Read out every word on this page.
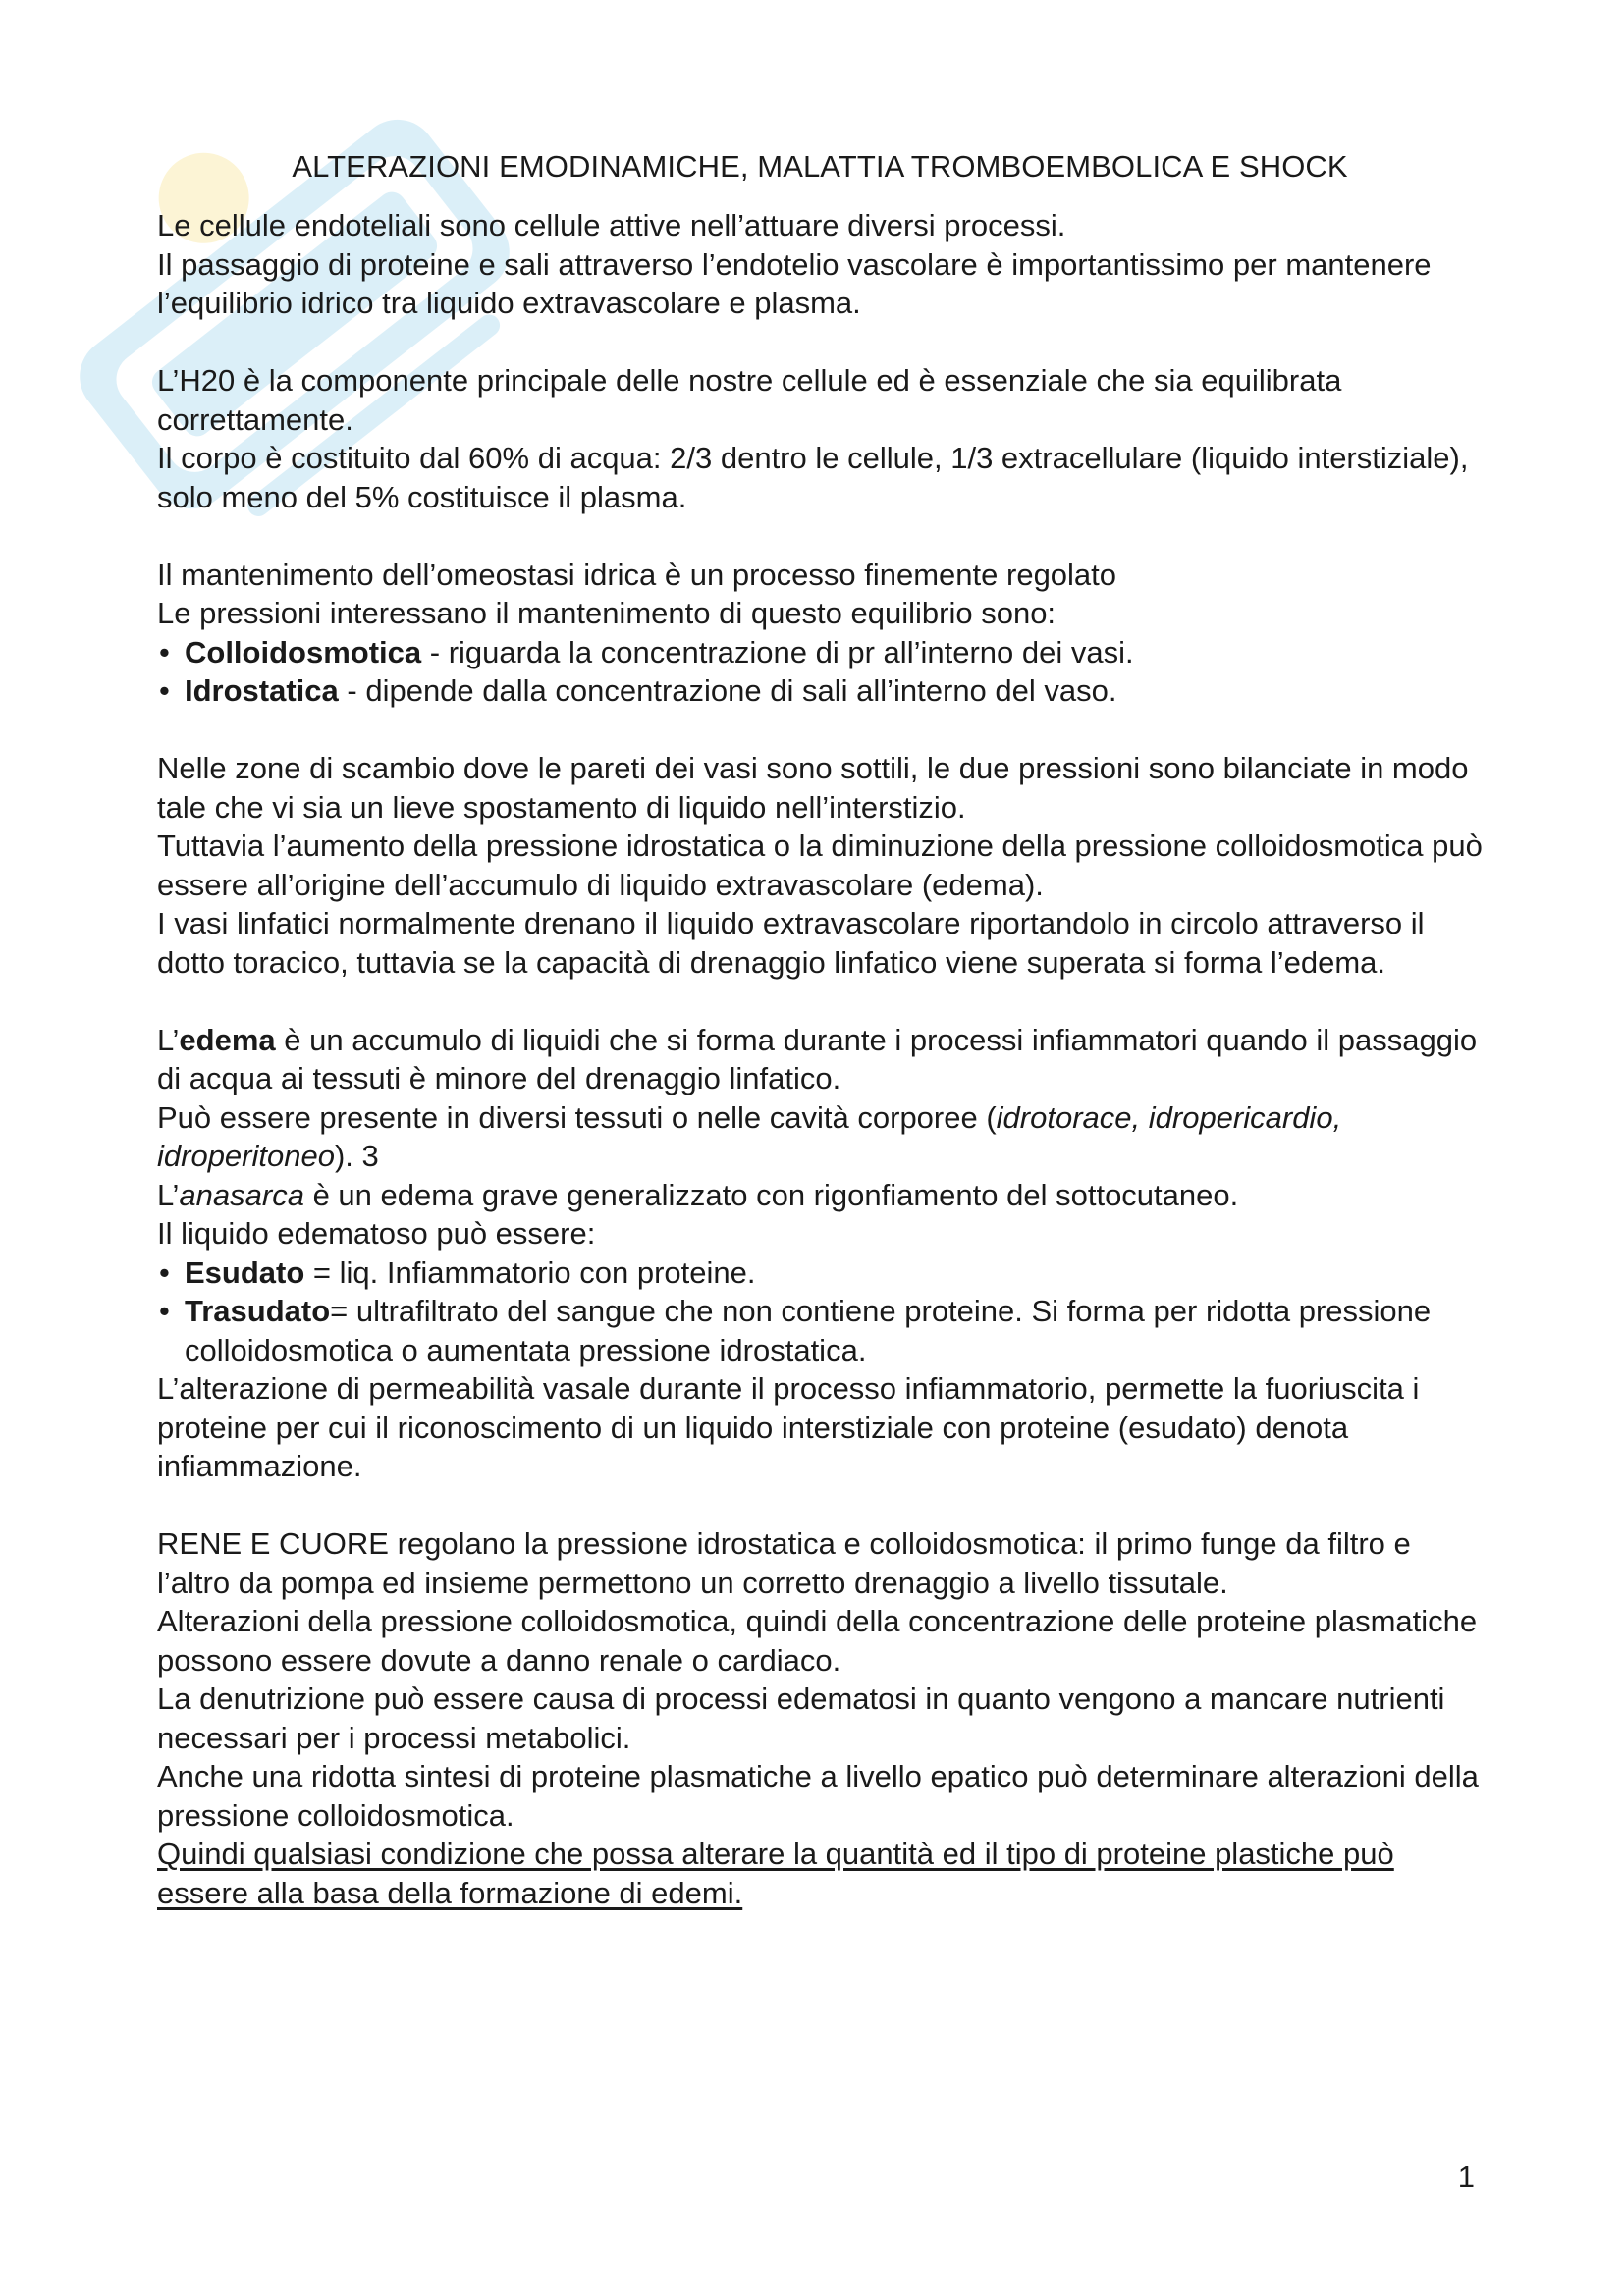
ALTERAZIONI EMODINAMICHE, MALATTIA TROMBOEMBOLICA E SHOCK

Le cellule endoteliali sono cellule attive nell’attuare diversi processi.

Il passaggio di proteine e sali attraverso l’endotelio vascolare è importantissimo per mantenere l’equilibrio idrico tra liquido extravascolare e plasma.

L’H20 è la componente principale delle nostre cellule ed è essenziale che sia equilibrata correttamente.

Il corpo è costituito dal 60% di acqua: 2/3 dentro le cellule, 1/3 extracellulare (liquido interstiziale), solo meno del 5% costituisce il plasma.

Il mantenimento dell’omeostasi idrica è un processo finemente regolato

Le pressioni interessano il mantenimento di questo equilibrio sono:

• Colloidosmotica - riguarda la concentrazione di pr all’interno dei vasi.
• Idrostatica - dipende dalla concentrazione di sali all’interno del vaso.

Nelle zone di scambio dove le pareti dei vasi sono sottili, le due pressioni sono bilanciate in modo tale che vi sia un lieve spostamento di liquido nell’interstizio.

Tuttavia l’aumento della pressione idrostatica o la diminuzione della pressione colloidosmotica può essere all’origine dell’accumulo di liquido extravascolare (edema).

I vasi linfatici normalmente drenano il liquido extravascolare riportandolo in circolo attraverso il dotto toracico, tuttavia se la capacità di drenaggio linfatico viene superata si forma l’edema.

L’edema è un accumulo di liquidi che si forma durante i processi infiammatori quando il passaggio di acqua ai tessuti è minore del drenaggio linfatico.

Può essere presente in diversi tessuti o nelle cavità corporee (idrotorace, idropericardio, idroperitoneo). 3

L’anasarca è un edema grave generalizzato con rigonfiamento del sottocutaneo.

Il liquido edematoso può essere:

• Esudato = liq. Infiammatorio con proteine.
• Trasudato= ultrafiltrato del sangue che non contiene proteine. Si forma per ridotta pressione colloidosmotica o aumentata pressione idrostatica.

L’alterazione di permeabilità vasale durante il processo infiammatorio, permette la fuoriuscita i proteine per cui il riconoscimento di un liquido interstiziale con proteine (esudato) denota infiammazione.

RENE E CUORE regolano la pressione idrostatica e colloidosmotica: il primo funge da filtro e l’altro da pompa ed insieme permettono un corretto drenaggio a livello tissutale.

Alterazioni della pressione colloidosmotica, quindi della concentrazione delle proteine plasmatiche possono essere dovute a danno renale o cardiaco.

La denutrizione può essere causa di processi edematosi in quanto vengono a mancare nutrienti necessari per i processi metabolici.

Anche una ridotta sintesi di proteine plasmatiche a livello epatico può determinare alterazioni della pressione colloidosmotica.

Quindi qualsiasi condizione che possa alterare la quantità ed il tipo di proteine plastiche può essere alla basa della formazione di edemi.

1
